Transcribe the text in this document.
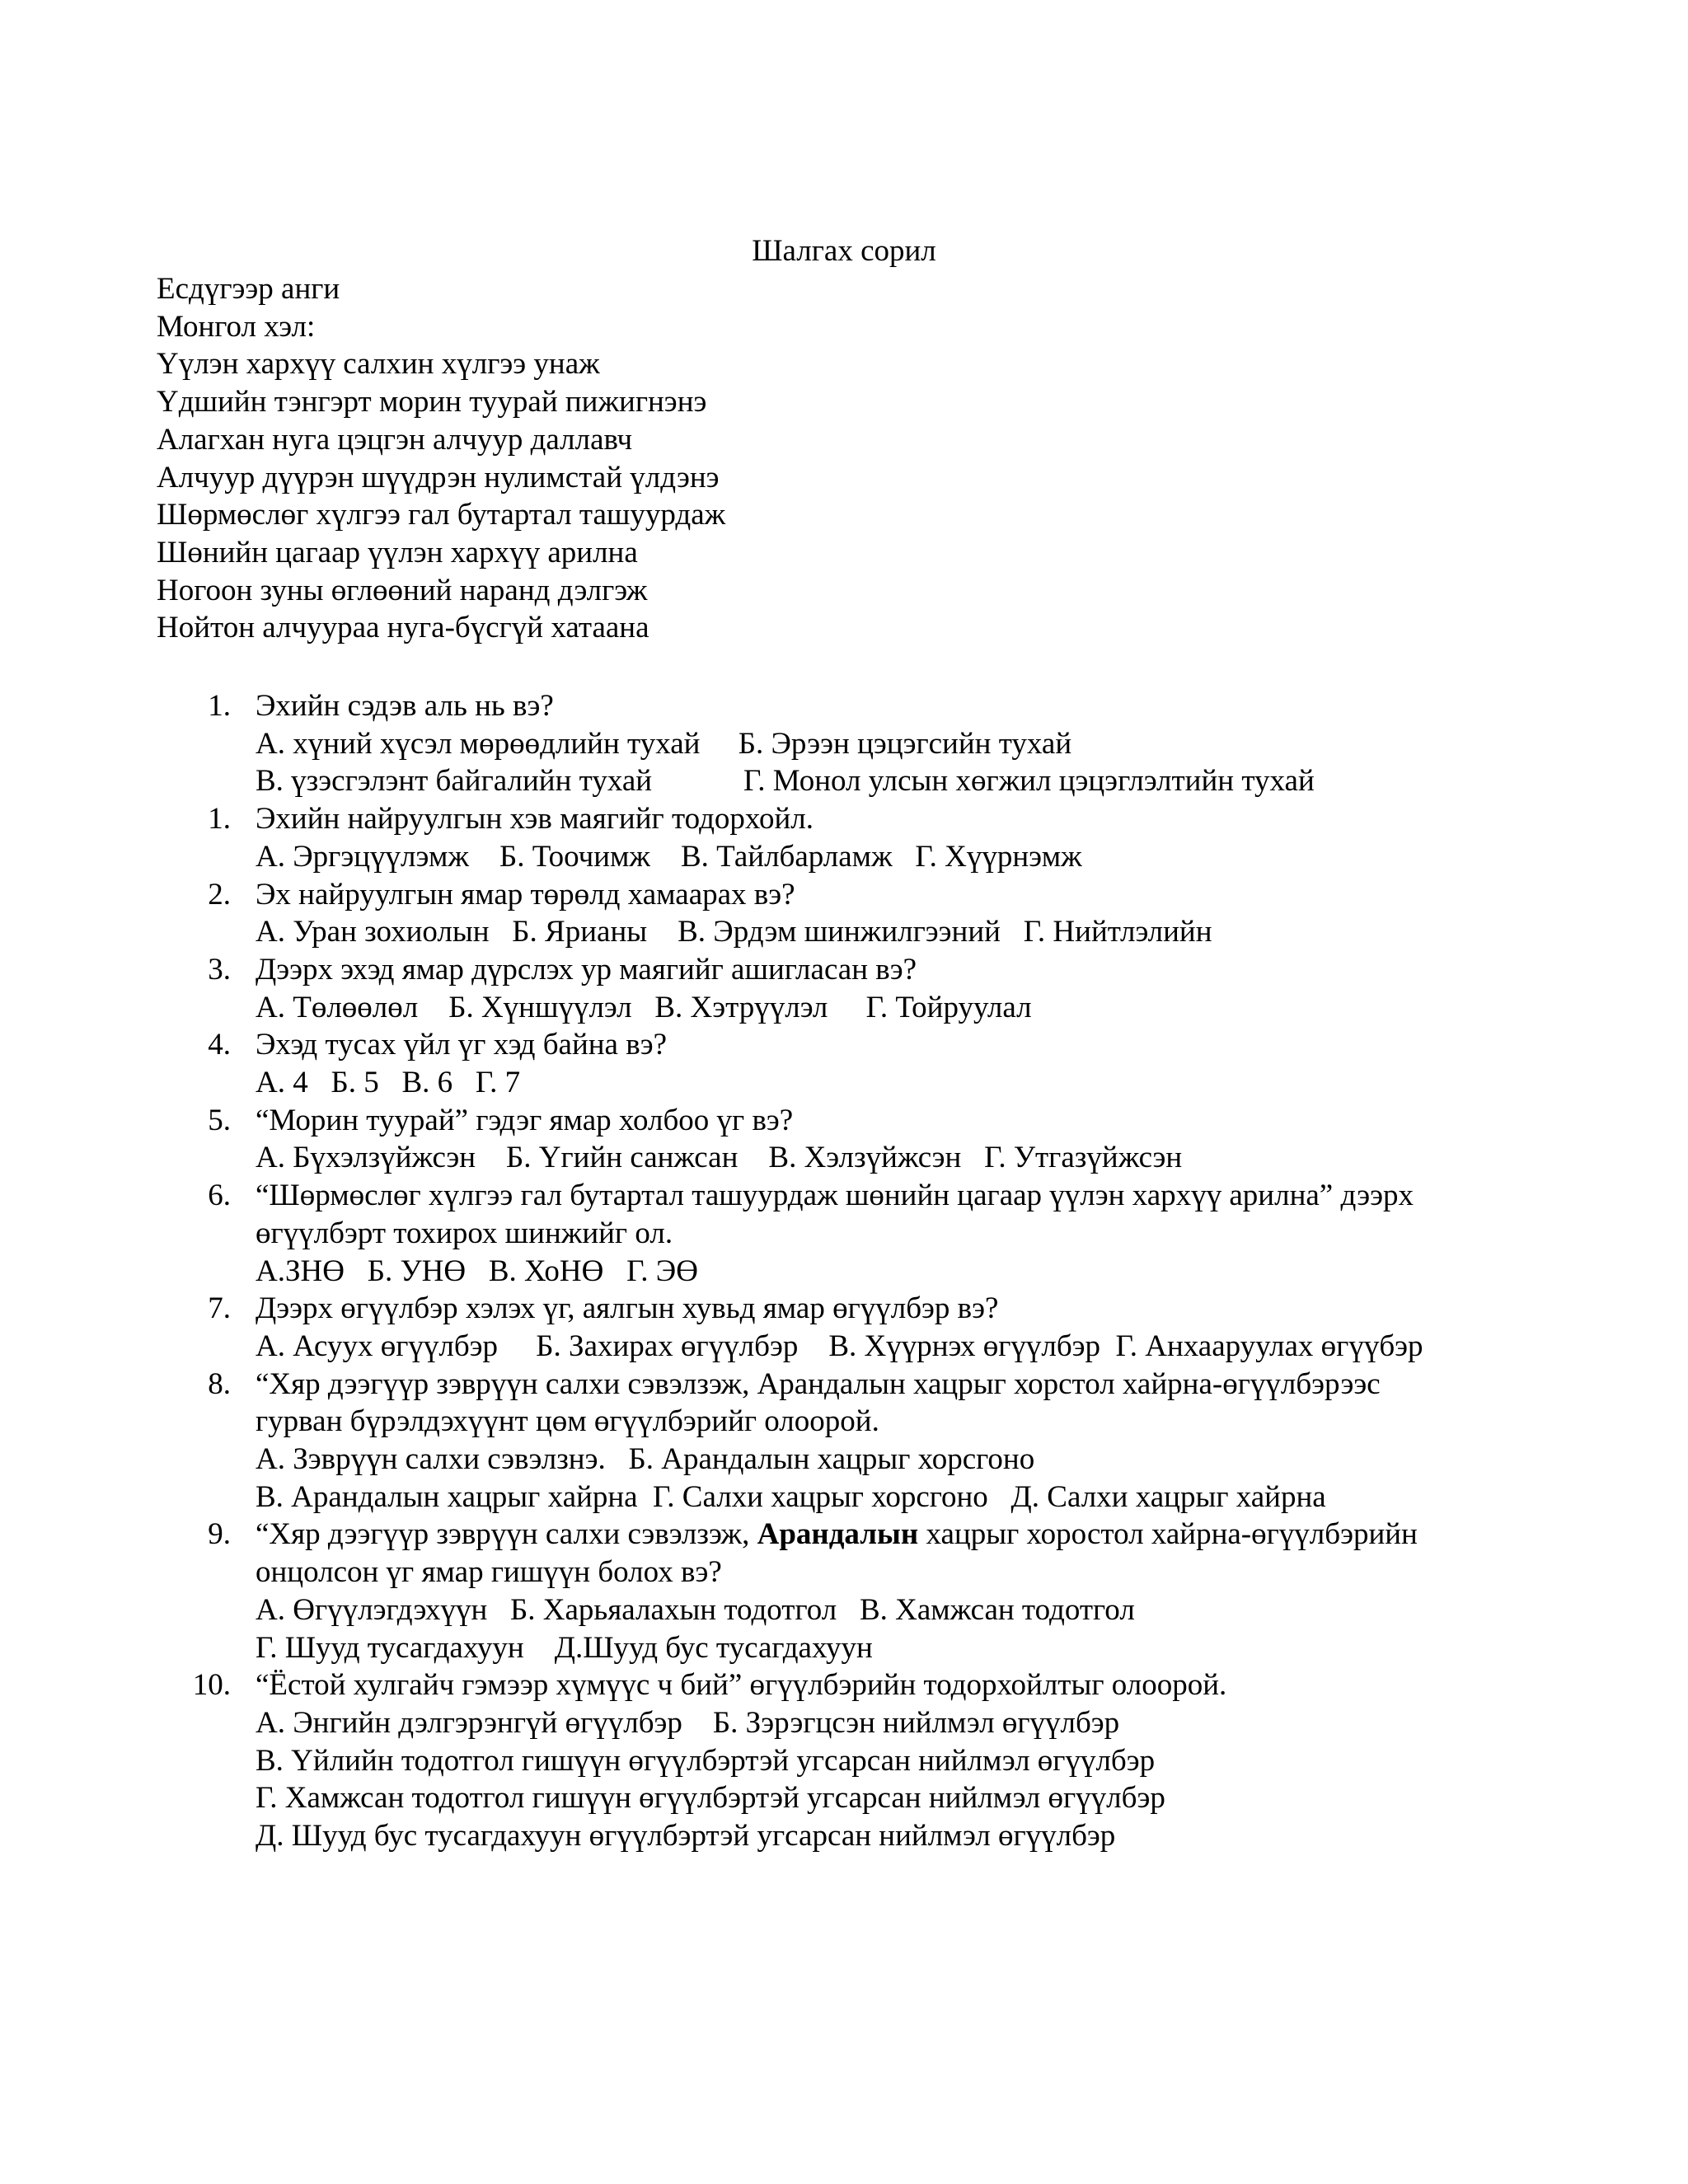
Шалгах сорил
Есдүгээр анги
Монгол хэл:
Үүлэн хархүү салхин хүлгээ унаж
Үдшийн тэнгэрт морин туурай пижигнэнэ
Алагхан нуга цэцгэн алчуур даллавч
Алчуур дүүрэн шүүдрэн нулимстай үлдэнэ
Шөрмөслөг хүлгээ гал бутартал ташуурдаж
Шөнийн цагаар үүлэн хархүү арилна
Ногоон зуны өглөөний наранд дэлгэж
Нойтон алчуураа нуга-бүсгүй хатаана
1. Эхийн сэдэв аль нь вэ?
А. хүний хүсэл мөрөөдлийн тухай     Б. Эрээн цэцэгсийн тухай
В. үзэсгэлэнт байгалийн тухай            Г. Монол улсын хөгжил цэцэглэлтийн тухай
1. Эхийн найруулгын хэв маягийг тодорхойл.
А. Эргэцүүлэмж    Б. Тоочимж    В. Тайлбарламж   Г. Хүүрнэмж
2. Эх найруулгын ямар төрөлд хамаарах вэ?
А. Уран зохиолын   Б. Ярианы    В. Эрдэм шинжилгээний   Г. Нийтлэлийн
3. Дээрх эхэд ямар дүрслэх ур маягийг ашигласан вэ?
А. Төлөөлөл    Б. Хүншүүлэл   В. Хэтрүүлэл     Г. Тойруулал
4. Эхэд тусах үйл үг хэд байна вэ?
А. 4   Б. 5   В. 6   Г. 7
5. “Морин туурай” гэдэг ямар холбоо үг вэ?
А. Бүхэлзүйжсэн    Б. Үгийн санжсан    В. Хэлзүйжсэн   Г. Утгазүйжсэн
6. “Шөрмөслөг хүлгээ гал бутартал ташуурдаж шөнийн цагаар үүлэн хархүү арилна” дээрх
өгүүлбэрт тохирох шинжийг ол.
А.ЗНӨ   Б. УНӨ   В. ХоНӨ   Г. ЭӨ
7. Дээрх өгүүлбэр хэлэх үг, аялгын хувьд ямар өгүүлбэр вэ?
А. Асуух өгүүлбэр     Б. Захирах өгүүлбэр    В. Хүүрнэх өгүүлбэр  Г. Анхааруулах өгүүбэр
8. “Хяр дээгүүр зэврүүн салхи сэвэлзэж, Арандалын хацрыг хорстол хайрна-өгүүлбэрээс
гурван бүрэлдэхүүнт цөм өгүүлбэрийг олоорой.
А. Зэврүүн салхи сэвэлзнэ.   Б. Арандалын хацрыг хорсгоно
В. Арандалын хацрыг хайрна  Г. Салхи хацрыг хорсгоно   Д. Салхи хацрыг хайрна
9. “Хяр дээгүүр зэврүүн салхи сэвэлзэж, Арандалын хацрыг хоростол хайрна-өгүүлбэрийн
онцолсон үг ямар гишүүн болох вэ?
А. Өгүүлэгдэхүүн   Б. Харьяалахын тодотгол   В. Хамжсан тодотгол
Г. Шууд тусагдахуун    Д.Шууд бус тусагдахуун
10. “Ёстой хулгайч гэмээр хүмүүс ч бий” өгүүлбэрийн тодорхойлтыг олоорой.
А. Энгийн дэлгэрэнгүй өгүүлбэр    Б. Зэрэгцсэн нийлмэл өгүүлбэр
В. Үйлийн тодотгол гишүүн өгүүлбэртэй угсарсан нийлмэл өгүүлбэр
Г. Хамжсан тодотгол гишүүн өгүүлбэртэй угсарсан нийлмэл өгүүлбэр
Д. Шууд бус тусагдахуун өгүүлбэртэй угсарсан нийлмэл өгүүлбэр
